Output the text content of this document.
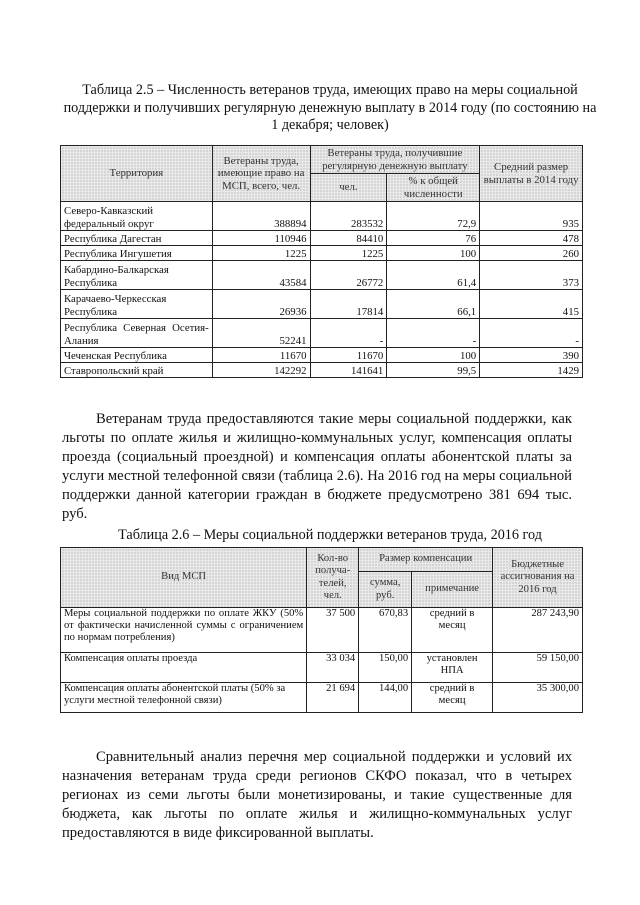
Таблица 2.5 – Численность ветеранов труда, имеющих право на меры социальной поддержки и получивших регулярную денежную выплату в 2014 году (по состоянию на 1 декабря; человек)
Территория	Ветераны труда, имеющие право на МСП, всего, чел.	Ветераны труда, получившие регулярную денежную выплату		Средний размер выплаты в 2014 году
		чел.	% к общей численности	
Северо-Кавказский федеральный округ	388894	283532	72,9	935
Республика Дагестан	110946	84410	76	478
Республика Ингушетия	1225	1225	100	260
Кабардино-Балкарская Республика	43584	26772	61,4	373
Карачаево-Черкесская Республика	26936	17814	66,1	415
Республика Северная Осетия-Алания	52241	-	-	-
Чеченская Республика	11670	11670	100	390
Ставропольский край	142292	141641	99,5	1429
Ветеранам труда предоставляются такие меры социальной поддержки, как льготы по оплате жилья и жилищно-коммунальных услуг, компенсация оплаты проезда (социальный проездной) и компенсация оплаты абонентской платы за услуги местной телефонной связи (таблица 2.6). На 2016 год на меры социальной поддержки данной категории граждан в бюджете предусмотрено 381 694 тыс. руб.
Таблица 2.6 – Меры социальной поддержки ветеранов труда, 2016 год
Вид МСП	Кол-во получа-телей, чел.	Размер компенсации		Бюджетные ассигнования на 2016 год
		сумма, руб.	примечание	
Меры социальной поддержки по оплате ЖКУ (50% от фактически начисленной суммы с ограничением по нормам потребления)	37 500	670,83	средний в месяц	287 243,90
Компенсация оплаты проезда	33 034	150,00	установлен НПА	59 150,00
Компенсация оплаты абонентской платы (50% за услуги местной телефонной связи)	21 694	144,00	средний в месяц	35 300,00
Сравнительный анализ перечня мер социальной поддержки и условий их назначения ветеранам труда среди регионов СКФО показал, что в четырех регионах из семи льготы были монетизированы, и такие существенные для бюджета, как льготы по оплате жилья и жилищно-коммунальных услуг предоставляются в виде фиксированной выплаты.
